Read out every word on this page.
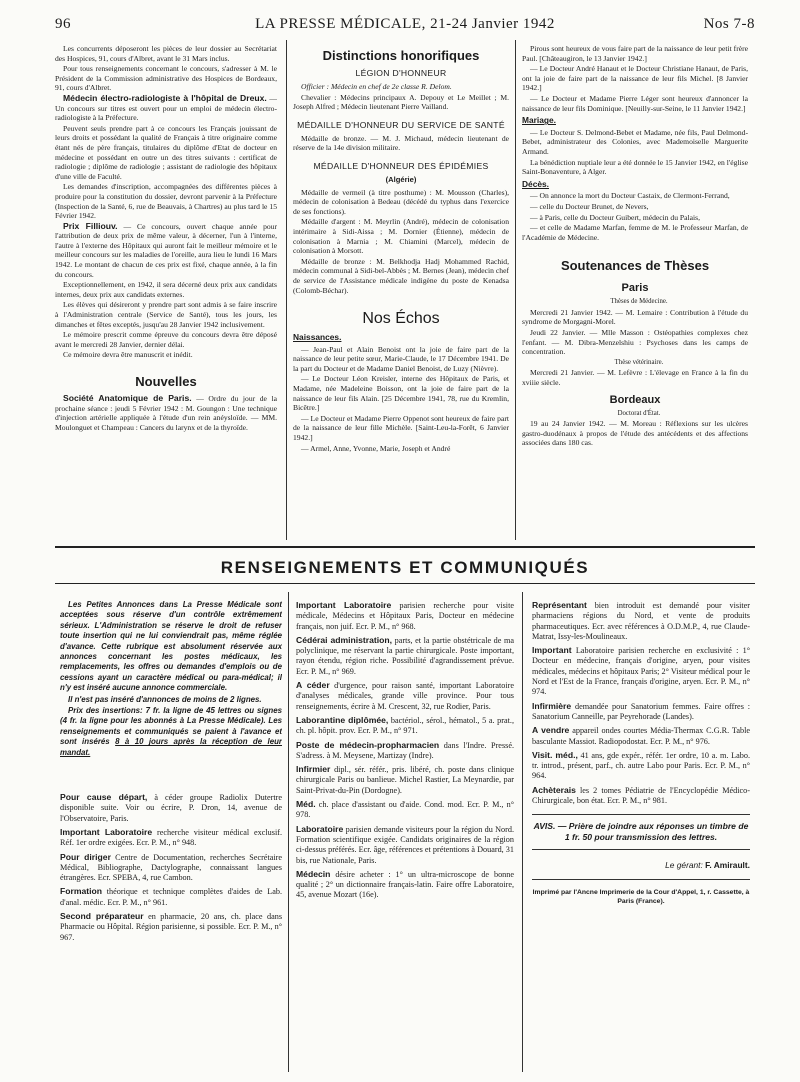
96	LA PRESSE MÉDICALE, 21-24 Janvier 1942	Nos 7-8

Les concurrents déposeront les pièces de leur dossier au Secrétariat des Hospices, 91, cours d'Albret, avant le 31 Mars inclus.

Pour tous renseignements concernant le concours, s'adresser à M. le Président de la Commission administrative des Hospices de Bordeaux, 91, cours d'Albret.

Médecin électro-radiologiste à l'hôpital de Dreux. — Un concours sur titres est ouvert pour un emploi de médecin électro-radiologiste à la Préfecture.

Peuvent seuls prendre part à ce concours les Français jouissant de leurs droits et possédant la qualité de Français à titre originaire comme étant nés de père français, titulaires du diplôme d'Etat de docteur en médecine et possédant en outre un des titres suivants : certificat de radiologie ; diplôme de radiologie ; assistant de radiologie des hôpitaux d'une ville de Faculté.

Les demandes d'inscription, accompagnées des différentes pièces à produire pour la constitution du dossier, devront parvenir à la Préfecture (Inspection de la Santé, 6, rue de Beauvais, à Chartres) au plus tard le 15 Février 1942.

Prix Filliouv. — Ce concours, ouvert chaque année pour l'attribution de deux prix de même valeur, à décerner, l'un à l'interne, l'autre à l'externe des Hôpitaux qui auront fait le meilleur mémoire et le meilleur concours sur les maladies de l'oreille, aura lieu le lundi 16 Mars 1942. Le montant de chacun de ces prix est fixé, chaque année, à la fin du concours.

Exceptionnellement, en 1942, il sera décerné deux prix aux candidats internes, deux prix aux candidats externes.

Les élèves qui désireront y prendre part sont admis à se faire inscrire à l'Administration centrale (Service de Santé), tous les jours, les dimanches et fêtes exceptés, jusqu'au 28 Janvier 1942 inclusivement.

Le mémoire prescrit comme épreuve du concours devra être déposé avant le mercredi 28 Janvier, dernier délai.

Ce mémoire devra être manuscrit et inédit.

Nouvelles

Société Anatomique de Paris. — Ordre du jour de la prochaine séance : jeudi 5 Février 1942 : M. Goungon : Une technique d'injection artérielle appliquée à l'étude d'un rein anéysloïde. — MM. Moulonguet et Champeau : Cancers du larynx et de la thyroïde.

Distinctions honorifiques
LÉGION D'HONNEUR

Officier : Médecin en chef de 2e classe R. Delom.

Chevalier : Médecins principaux A. Depouy et Le Meillet ; M. Joseph Alfred ; Médecin lieutenant Pierre Vailland.

MÉDAILLE D'HONNEUR DU SERVICE DE SANTÉ

Médaille de bronze. — M. J. Michaud, médecin lieutenant de réserve de la 14e division militaire.

MÉDAILLE D'HONNEUR DES ÉPIDÉMIES
(Algérie)

Médaille de vermeil (à titre posthume) : M. Mousson (Charles), médecin de colonisation à Bedeau (décédé du typhus dans l'exercice de ses fonctions).

Médaille d'argent : M. Meyrlin (André), médecin de colonisation intérimaire à Sidi-Aissa ; M. Dornier (Étienne), médecin de colonisation à Marnia ; M. Chiamini (Marcel), médecin de colonisation à Morsott.

Médaille de bronze : M. Belkhodja Hadj Mohammed Rachid, médecin communal à Sidi-bel-Abbès ; M. Bernes (Jean), médecin chef de service de l'Assistance médicale indigène du poste de Kenadsa (Colomb-Béchar).

Nos Échos
Naissances.

— Jean-Paul et Alain Benoist ont la joie de faire part de la naissance de leur petite sœur, Marie-Claude, le 17 Décembre 1941. De la part du Docteur et de Madame Daniel Benoist, de Luzy (Nièvre).

— Le Docteur Léon Kreisler, interne des Hôpitaux de Paris, et Madame, née Madeleine Boisson, ont la joie de faire part de la naissance de leur fils Alain. [25 Décembre 1941, 78, rue du Kremlin, Bicêtre.]

— Le Docteur et Madame Pierre Oppenot sont heureux de faire part de la naissance de leur fille Michèle. [Saint-Leu-la-Forêt, 6 Janvier 1942.]

— Armel, Anne, Yvonne, Marie, Joseph et André

Pirous sont heureux de vous faire part de la naissance de leur petit frère Paul. [Châteaugiron, le 13 Janvier 1942.]

— Le Docteur André Hanaut et le Docteur Christiane Hanaut, de Paris, ont la joie de faire part de la naissance de leur fils Michel. [8 Janvier 1942.]

— Le Docteur et Madame Pierre Léger sont heureux d'annoncer la naissance de leur fils Dominique. [Neuilly-sur-Seine, le 11 Janvier 1942.]

Mariage.

— Le Docteur S. Delmond-Bebet et Madame, née fils, Paul Delmond-Bebet, administrateur des Colonies, avec Mademoiselle Marguerite Armand.

La bénédiction nuptiale leur a été donnée le 15 Janvier 1942, en l'église Saint-Bonaventure, à Alger.

Décès.

— On annonce la mort du Docteur Castaix, de Clermont-Ferrand,

— celle du Docteur Brunet, de Nevers,

— à Paris, celle du Docteur Guibert, médecin du Palais,

— et celle de Madame Marfan, femme de M. le Professeur Marfan, de l'Académie de Médecine.

Soutenances de Thèses
Paris

Thèses de Médecine.

Mercredi 21 Janvier 1942. — M. Lemaire : Contribution à l'étude du syndrome de Morgagni-Morel.

Jeudi 22 Janvier. — Mlle Masson : Ostéopathies complexes chez l'enfant. — M. Dibra-Menzelshiu : Psychoses dans les camps de concentration.

Thèse vétérinaire.

Mercredi 21 Janvier. — M. Lefèvre : L'élevage en France à la fin du xviiie siècle.

Bordeaux

Doctorat d'État.

19 au 24 Janvier 1942. — M. Moreau : Réflexions sur les ulcères gastro-duodénaux à propos de l'étude des antécédents et des affections associées dans 180 cas.

RENSEIGNEMENTS ET COMMUNIQUÉS

Les Petites Annonces dans La Presse Médicale sont acceptées sous réserve d'un contrôle extrêmement sérieux. L'Administration se réserve le droit de refuser toute insertion qui ne lui conviendrait pas, même réglée d'avance. Cette rubrique est absolument réservée aux annonces concernant les postes médicaux, les remplacements, les offres ou demandes d'emplois ou de cessions ayant un caractère médical ou para-médical; il n'y est inséré aucune annonce commerciale.

Il n'est pas inséré d'annonces de moins de 2 lignes.

Prix des insertions: 7 fr. la ligne de 45 lettres ou signes (4 fr. la ligne pour les abonnés à La Presse Médicale). Les renseignements et communiqués se paient à l'avance et sont insérés 8 à 10 jours après la réception de leur mandat.

Pour cause départ, à céder groupe Radiolix Dutertre disponible suite. Voir ou écrire, P. Dron, 14, avenue de l'Observatoire, Paris.

Important Laboratoire recherche visiteur médical exclusif. Réf. 1er ordre exigées. Ecr. P. M., n° 948.

Pour diriger Centre de Documentation, recherches Secrétaire Médical, Bibliographe, Dactylographe, connaissant langues étrangères. Ecr. SPEBA, 4, rue Cambon.

Formation théorique et technique complètes d'aides de Lab. d'anal. médic. Ecr. P. M., n° 961.

Second préparateur en pharmacie, 20 ans, ch. place dans Pharmacie ou Hôpital. Région parisienne, si possible. Ecr. P. M., n° 967.

Important Laboratoire parisien recherche pour visite médicale, Médecins et Hôpitaux Paris, Docteur en médecine français, non juif. Ecr. P. M., n° 968.

Cédérai administration, parts, et la partie obstétricale de ma polyclinique, me réservant la partie chirurgicale. Poste important, rayon étendu, région riche. Possibilité d'agrandissement prévue. Ecr. P. M., n° 969.

A céder d'urgence, pour raison santé, important Laboratoire d'analyses médicales, grande ville province. Pour tous renseignements, écrire à M. Crescent, 32, rue Rodier, Paris.

Laborantine diplômée, bactériol., sérol., hématol., 5 a. prat., ch. pl. hôpit. prov. Ecr. P. M., n° 971.

Poste de médecin-propharmacien dans l'Indre. Pressé. S'adress. à M. Meysene, Martizay (Indre).

Infirmier dipl., sér. référ., pris. libéré, ch. poste dans clinique chirurgicale Paris ou banlieue. Michel Rastier, La Meynardie, par Saint-Privat-du-Pin (Dordogne).

Méd. ch. place d'assistant ou d'aide. Cond. mod. Ecr. P. M., n° 978.

Laboratoire parisien demande visiteurs pour la région du Nord. Formation scientifique exigée. Candidats originaires de la région ci-dessus préférés. Ecr. âge, références et prétentions à Douard, 31 bis, rue Nationale, Paris.

Médecin désire acheter : 1° un ultra-microscope de bonne qualité ; 2° un dictionnaire français-latin. Faire offre Laboratoire, 45, avenue Mozart (16e).

Représentant bien introduit est demandé pour visiter pharmaciens régions du Nord, et vente de produits pharmaceutiques. Ecr. avec références à O.D.M.P., 4, rue Claude-Matrat, Issy-les-Moulineaux.

Important Laboratoire parisien recherche en exclusivité : 1° Docteur en médecine, français d'origine, aryen, pour visites médicales, médecins et hôpitaux Paris; 2° Visiteur médical pour le Nord et l'Est de la France, français d'origine, aryen. Ecr. P. M., n° 974.

Infirmière demandée pour Sanatorium femmes. Faire offres : Sanatorium Canneille, par Peyrehorade (Landes).

A vendre appareil ondes courtes Média-Thermax C.G.R. Table basculante Massiot. Radiopodostat. Ecr. P. M., n° 976.

Visit. méd., 41 ans, gde expér., référ. 1er ordre, 10 a. m. Labo. tr. introd., présent, parf., ch. autre Labo pour Paris. Ecr. P. M., n° 964.

Achèterais les 2 tomes Pédiatrie de l'Encyclopédie Médico-Chirurgicale, bon état. Ecr. P. M., n° 981.

AVIS. — Prière de joindre aux réponses un timbre de 1 fr. 50 pour transmission des lettres.
Le gérant: F. Amirault.
Imprimé par l'Ancne Imprimerie de la Cour d'Appel, 1, r. Cassette, à Paris (France).
